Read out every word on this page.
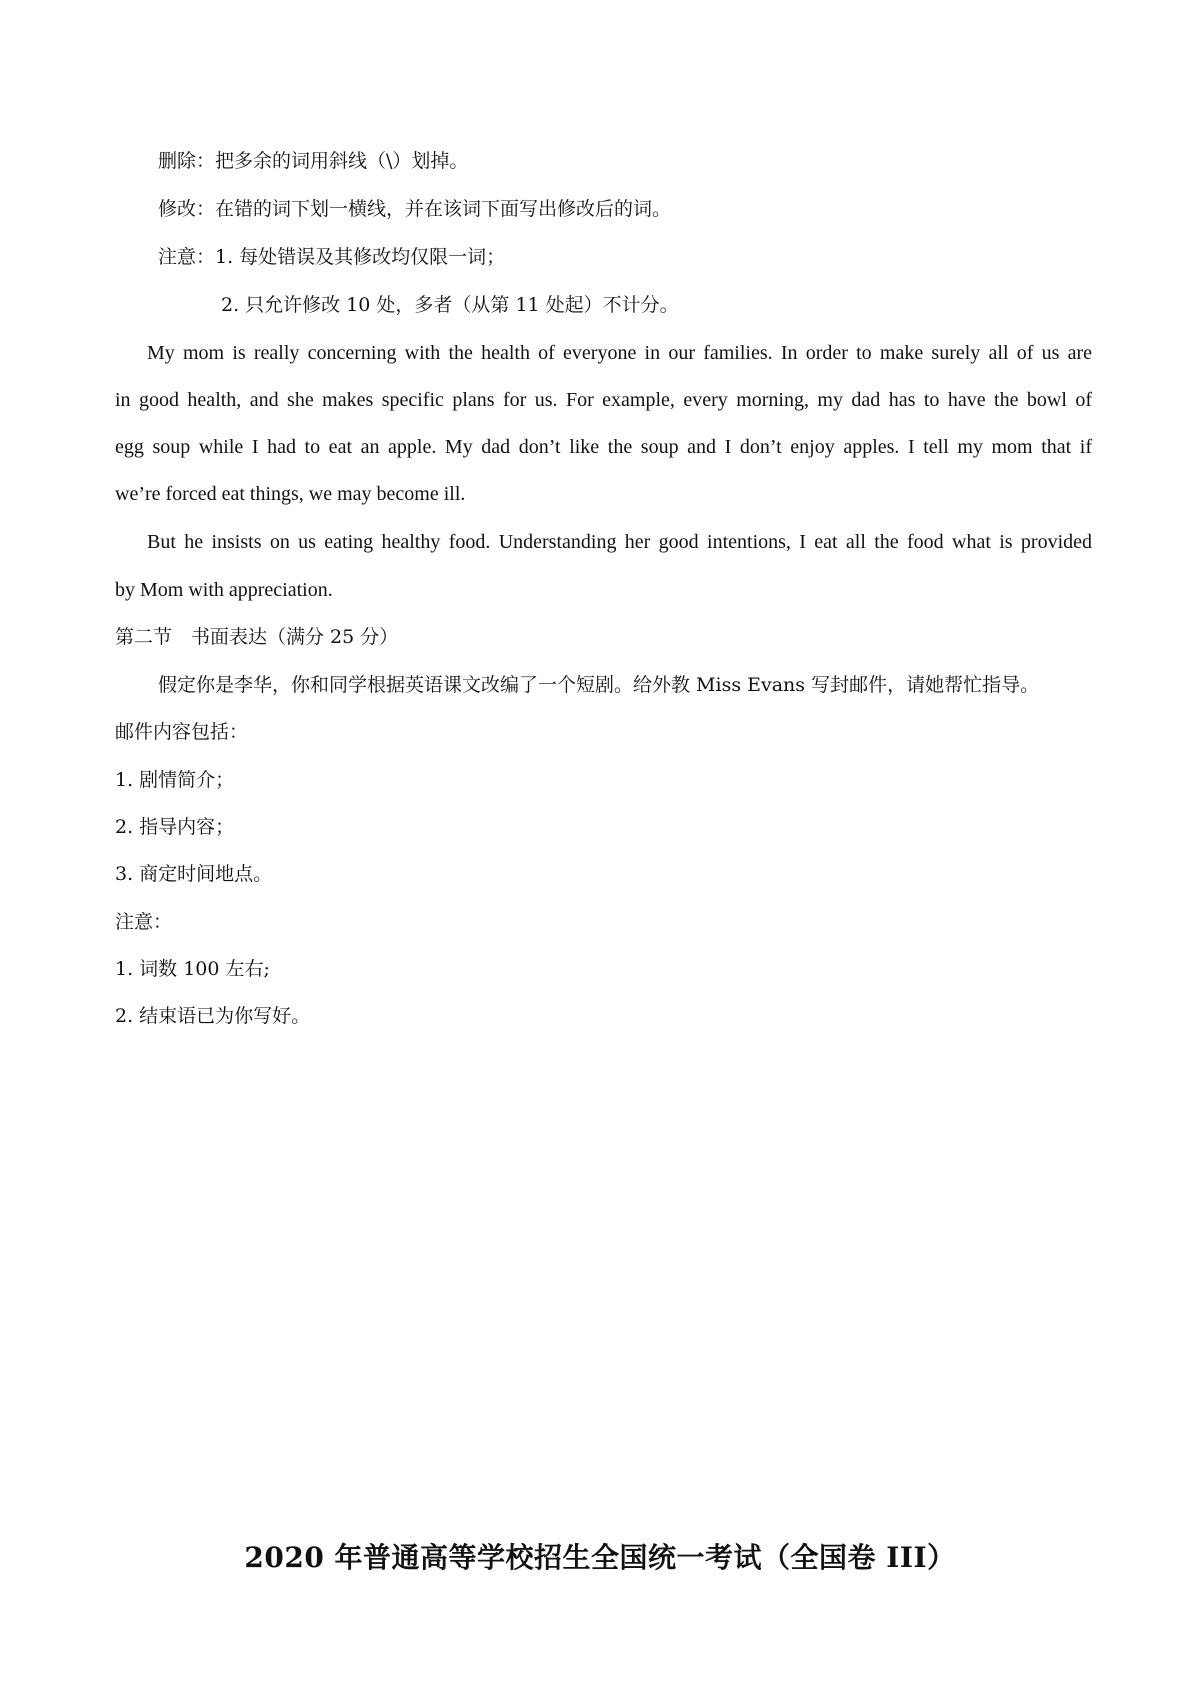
删除：把多余的词用斜线（\）划掉。
修改：在错的词下划一横线，并在该词下面写出修改后的词。
注意：1. 每处错误及其修改均仅限一词；
2. 只允许修改 10 处，多者（从第 11 处起）不计分。
My mom is really concerning with the health of everyone in our families. In order to make surely all of us are
in good health, and she makes specific plans for us. For example, every morning, my dad has to have the bowl of
egg soup while I had to eat an apple. My dad don’t like the soup and I don’t enjoy apples. I tell my mom that if
we’re forced eat things, we may become ill.
But he insists on us eating healthy food. Understanding her good intentions, I eat all the food what is provided
by Mom with appreciation.
第二节　书面表达（满分 25 分）
假定你是李华，你和同学根据英语课文改编了一个短剧。给外教 Miss Evans 写封邮件，请她帮忙指导。
邮件内容包括：
1. 剧情简介；
2. 指导内容；
3. 商定时间地点。
注意：
1. 词数 100 左右;
2. 结束语已为你写好。
2020 年普通高等学校招生全国统一考试（全国卷 III）
